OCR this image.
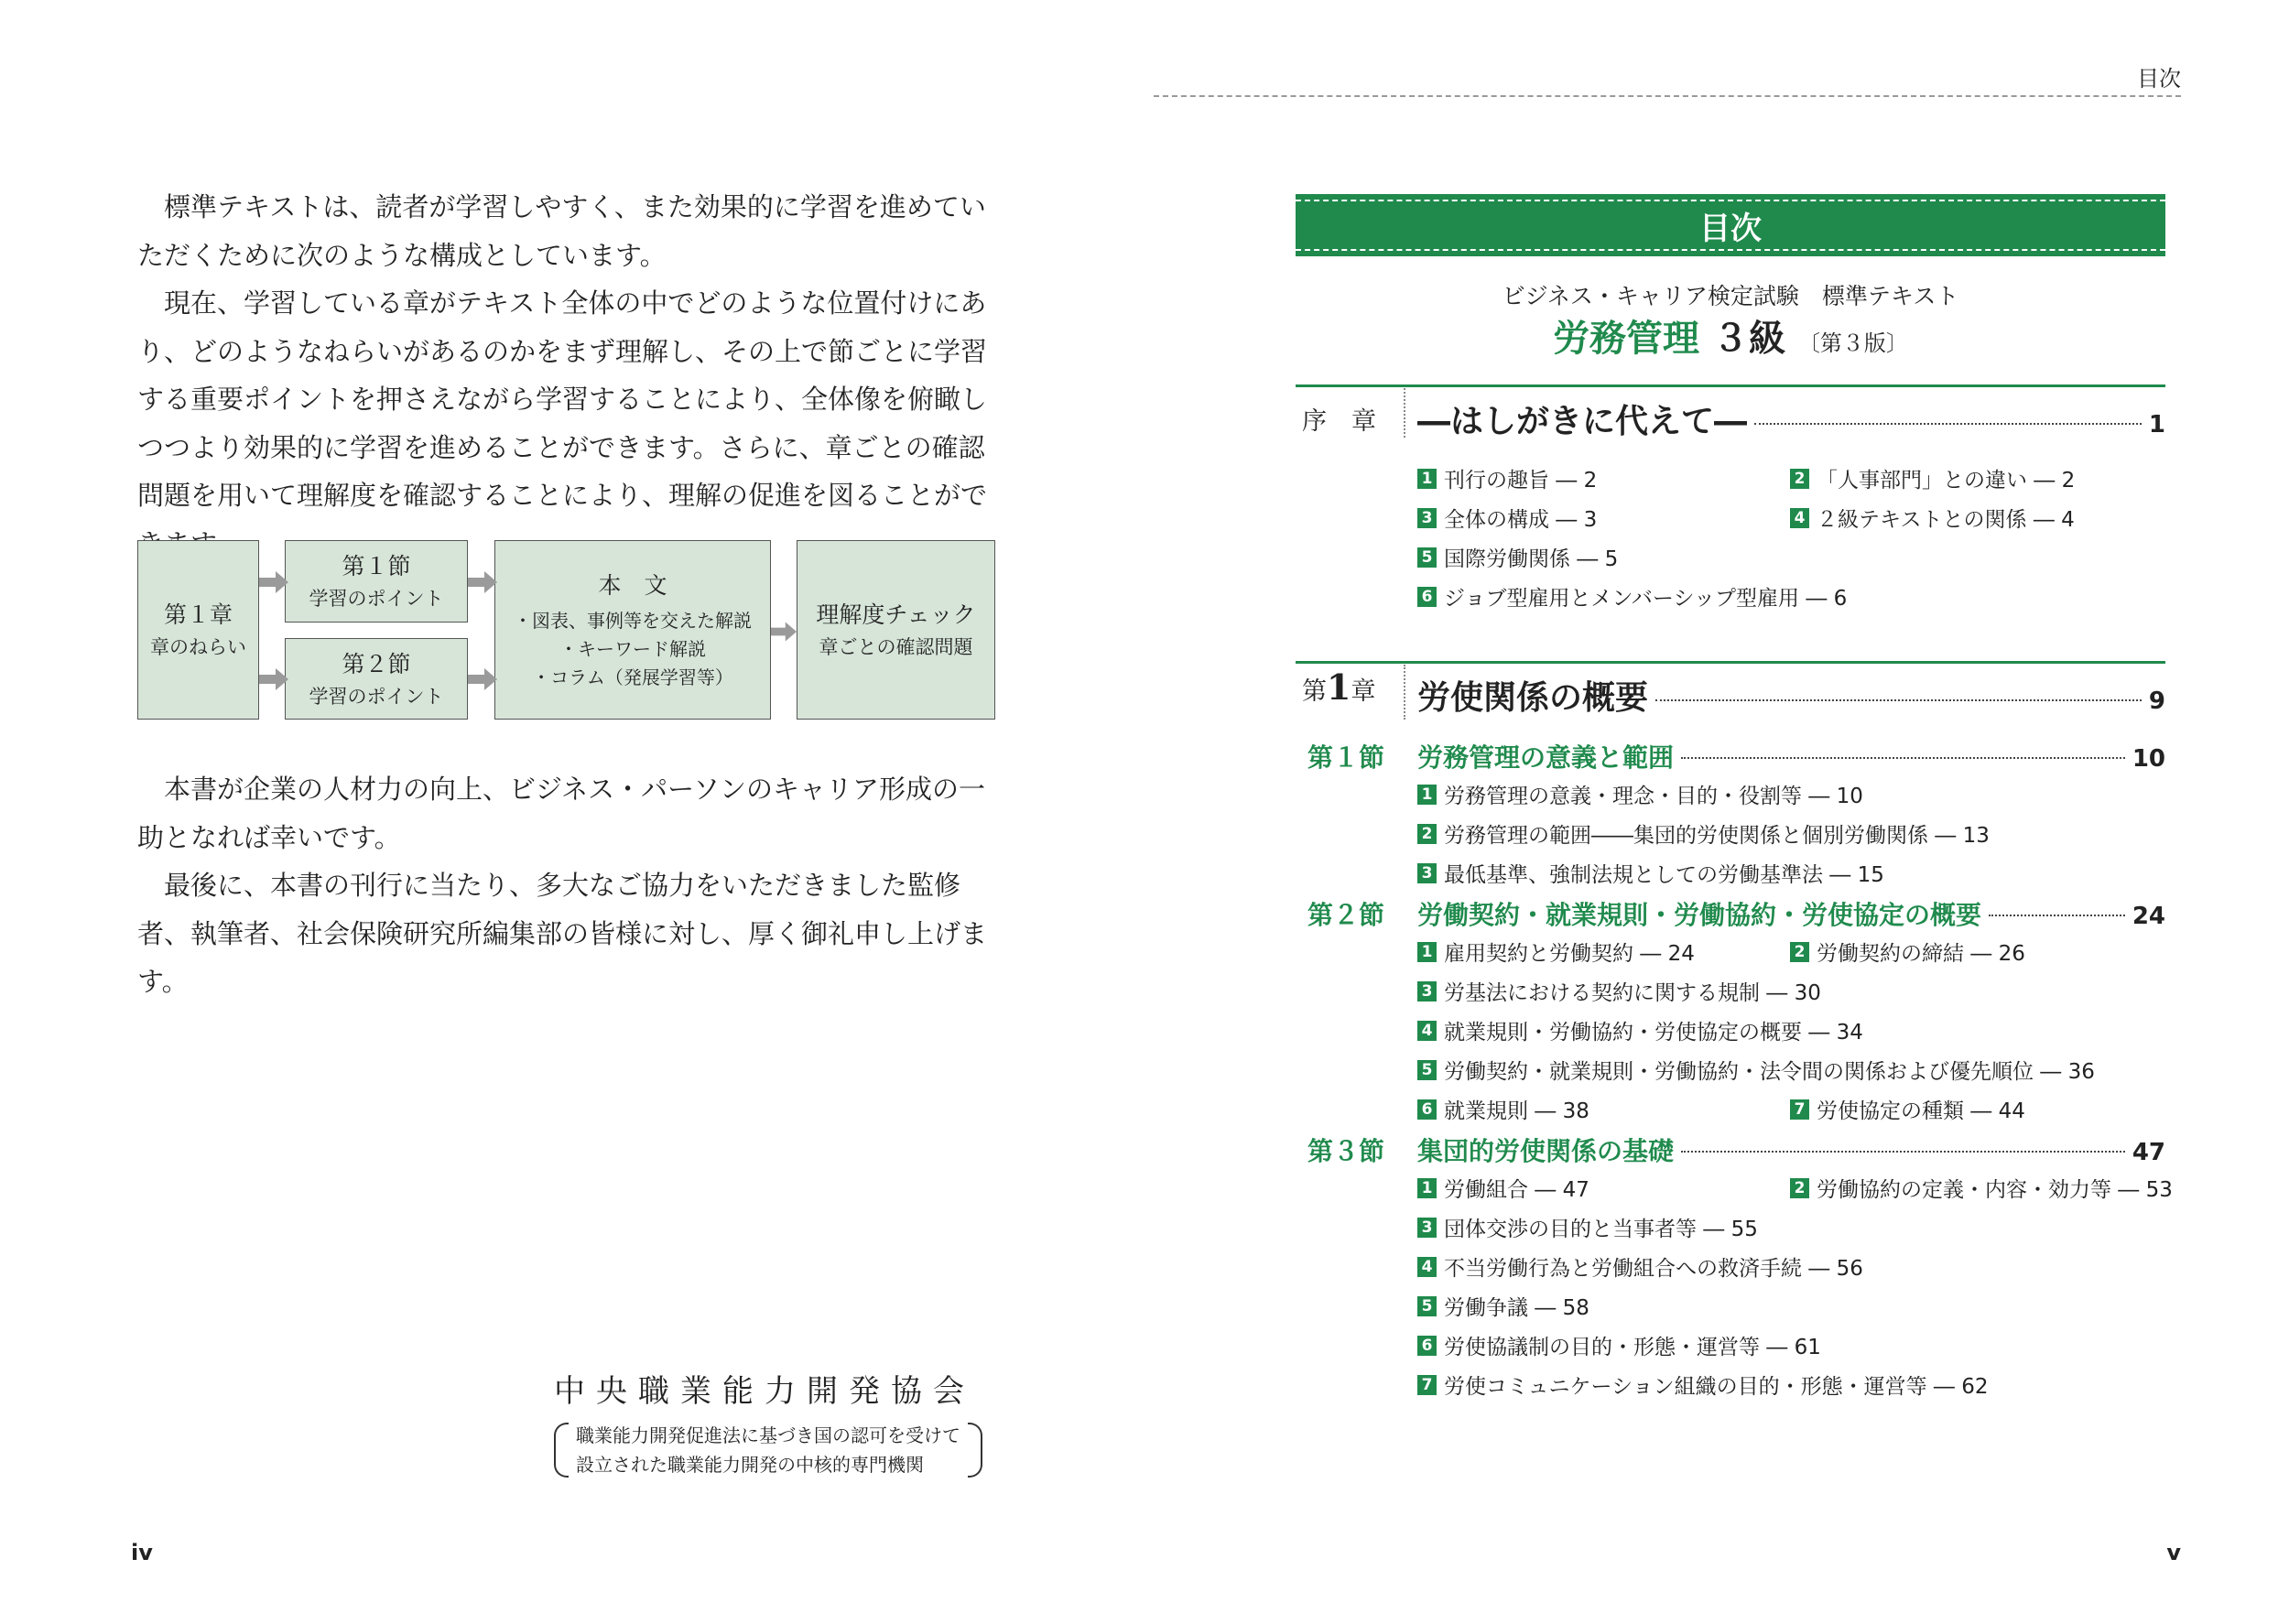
標準テキストは、読者が学習しやすく、また効果的に学習を進めていただくために次のような構成としています。

現在、学習している章がテキスト全体の中でどのような位置付けにあり、どのようなねらいがあるのかをまず理解し、その上で節ごとに学習する重要ポイントを押さえながら学習することにより、全体像を俯瞰しつつより効果的に学習を進めることができます。さらに、章ごとの確認問題を用いて理解度を確認することにより、理解の促進を図ることがで

第１章
章のねらい
第１節
学習のポイント
第２節
学習のポイント
本　文
・図表、事例等を交えた解説
・キーワード解説
・コラム（発展学習等）
理解度チェック
章ごとの確認問題

本書が企業の人材力の向上、ビジネス・パーソンのキャリア形成の一助となれば幸いです。

最後に、本書の刊行に当たり、多大なご協力をいただきました監修者、執筆者、社会保険研究所編集部の皆様に対し、厚く御礼申し上げます。

中央職業能力開発協会
職業能力開発促進法に基づき国の認可を受けて
設立された職業能力開発の中核的専門機関
iv
目次
目次
ビジネス・キャリア検定試験　標準テキスト
労務管理 ３級 〔第３版〕
序　章	―はしがきに代えて―	1
1 刊行の趣旨 ― 2	2 「人事部門」との違い ― 2
3 全体の構成 ― 3	4 ２級テキストとの関係 ― 4
5 国際労働関係 ― 5
6 ジョブ型雇用とメンバーシップ型雇用 ― 6
第1章	労使関係の概要	9
第１節 労務管理の意義と範囲	10
1 労務管理の意義・理念・目的・役割等 ― 10
2 労務管理の範囲――集団的労使関係と個別労働関係 ― 13
3 最低基準、強制法規としての労働基準法 ― 15
第２節 労働契約・就業規則・労働協約・労使協定の概要	24
1 雇用契約と労働契約 ― 24	2 労働契約の締結 ― 26
3 労基法における契約に関する規制 ― 30
4 就業規則・労働協約・労使協定の概要 ― 34
5 労働契約・就業規則・労働協約・法令間の関係および優先順位 ― 36
6 就業規則 ― 38	7 労使協定の種類 ― 44
第３節 集団的労使関係の基礎	47
1 労働組合 ― 47	2 労働協約の定義・内容・効力等 ― 53
3 団体交渉の目的と当事者等 ― 55
4 不当労働行為と労働組合への救済手続 ― 56
5 労働争議 ― 58
6 労使協議制の目的・形態・運営等 ― 61
7 労使コミュニケーション組織の目的・形態・運営等 ― 62
v
